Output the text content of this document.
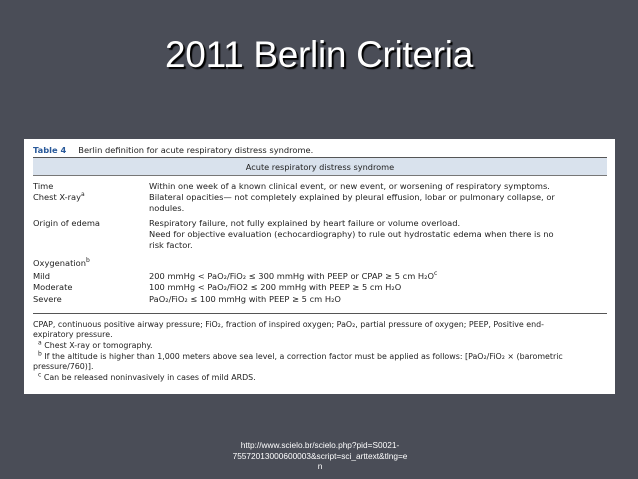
2011 Berlin Criteria
Table 4 Berlin definition for acute respiratory distress syndrome.
Acute respiratory distress syndrome
Time	Within one week of a known clinical event, or new event, or worsening of respiratory symptoms.
Chest X-ray$^a$	Bilateral opacities— not completely explained by pleural effusion, lobar or pulmonary collapse, or
nodules.
Origin of edema	Respiratory failure, not fully explained by heart failure or volume overload.
Need for objective evaluation (echocardiography) to rule out hydrostatic edema when there is no
risk factor.
Oxygenation$^b$
Mild	200 mmHg < PaO₂/FiO₂ ≤ 300 mmHg with PEEP or CPAP ≥ 5 cm $H_2O^c$
Moderate	100 mmHg < PaO₂/FiO2 ≤ 200 mmHg with PEEP ≥ 5 cm H₂O
Severe	PaO₂/FiO₂ ≤ 100 mmHg with PEEP ≥ 5 cm H₂O
CPAP, continuous positive airway pressure; FiO₂, fraction of inspired oxygen; PaO₂, partial pressure of oxygen; PEEP, Positive end-
expiratory pressure.
$^a$ Chest X-ray or tomography.
$^b$ If the altitude is higher than 1,000 meters above sea level, a correction factor must be applied as follows: [PaO₂/FiO₂ × (barometric
pressure/760)].
$^c$ Can be released noninvasively in cases of mild ARDS.
http://www.scielo.br/scielo.php?pid=S0021-
75572013000600003&script=sci_arttext&tlng=e
n
